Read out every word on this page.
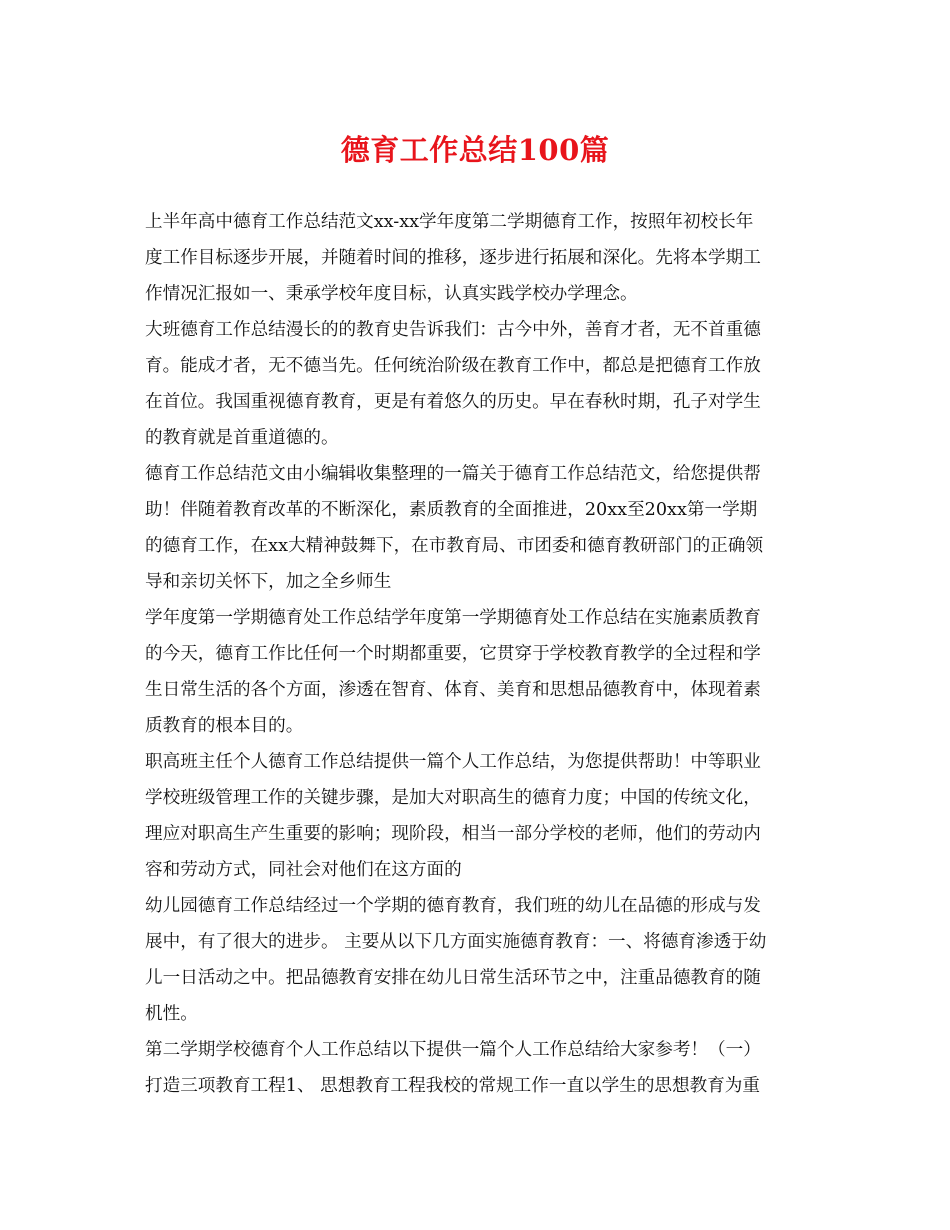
德育工作总结100篇
上半年高中德育工作总结范文xx-xx学年度第二学期德育工作，按照年初校长年
度工作目标逐步开展，并随着时间的推移，逐步进行拓展和深化。先将本学期工
作情况汇报如一、秉承学校年度目标，认真实践学校办学理念。
大班德育工作总结漫长的的教育史告诉我们：古今中外，善育才者，无不首重德
育。能成才者，无不德当先。任何统治阶级在教育工作中，都总是把德育工作放
在首位。我国重视德育教育，更是有着悠久的历史。早在春秋时期，孔子对学生
的教育就是首重道德的。
德育工作总结范文由小编辑收集整理的一篇关于德育工作总结范文，给您提供帮
助！伴随着教育改革的不断深化，素质教育的全面推进，20xx至20xx第一学期
的德育工作，在xx大精神鼓舞下，在市教育局、市团委和德育教研部门的正确领
导和亲切关怀下，加之全乡师生
学年度第一学期德育处工作总结学年度第一学期德育处工作总结在实施素质教育
的今天，德育工作比任何一个时期都重要，它贯穿于学校教育教学的全过程和学
生日常生活的各个方面，渗透在智育、体育、美育和思想品德教育中，体现着素
质教育的根本目的。
职高班主任个人德育工作总结提供一篇个人工作总结，为您提供帮助！中等职业
学校班级管理工作的关键步骤，是加大对职高生的德育力度；中国的传统文化，
理应对职高生产生重要的影响；现阶段，相当一部分学校的老师，他们的劳动内
容和劳动方式，同社会对他们在这方面的
幼儿园德育工作总结经过一个学期的德育教育，我们班的幼儿在品德的形成与发
展中，有了很大的进步。 主要从以下几方面实施德育教育：一、将德育渗透于幼
儿一日活动之中。把品德教育安排在幼儿日常生活环节之中，注重品德教育的随
机性。
第二学期学校德育个人工作总结以下提供一篇个人工作总结给大家参考！（一）
打造三项教育工程1、 思想教育工程我校的常规工作一直以学生的思想教育为重
